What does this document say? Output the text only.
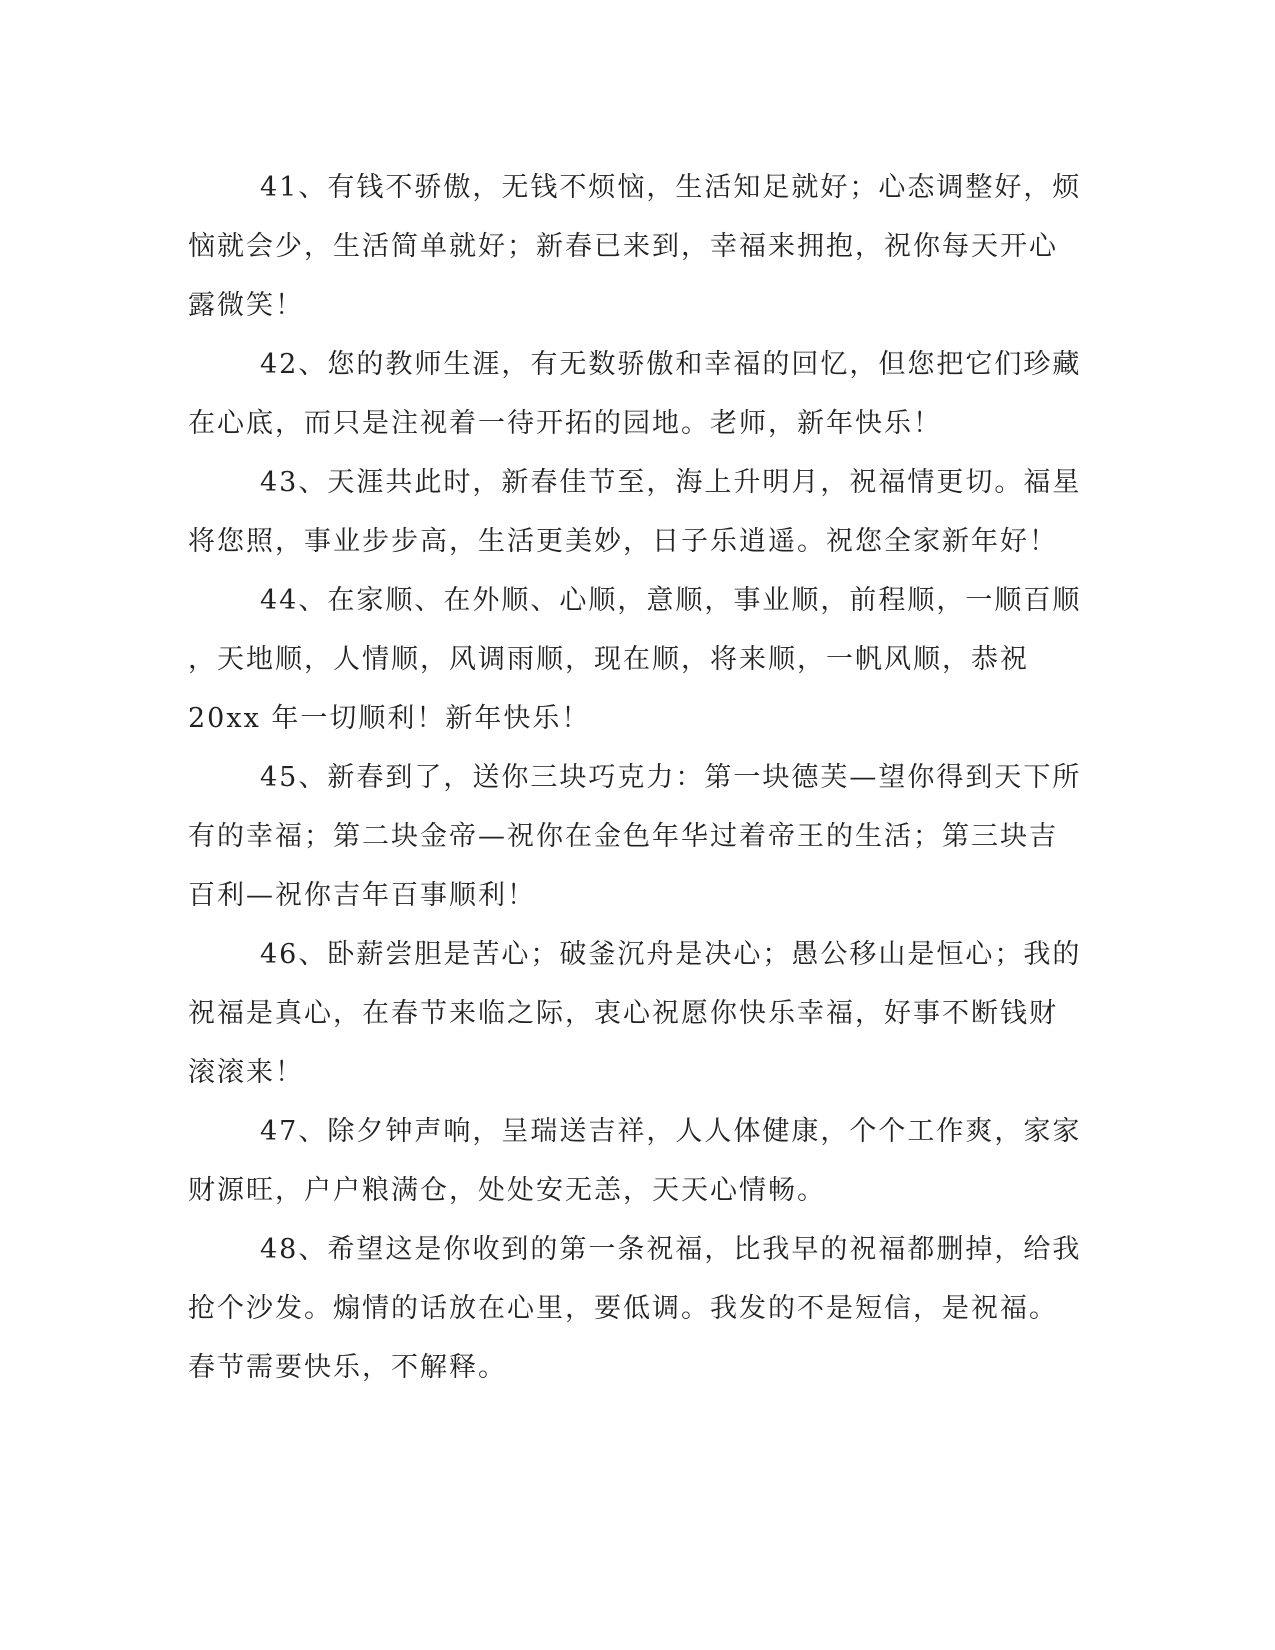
41、有钱不骄傲，无钱不烦恼，生活知足就好；心态调整好，烦
恼就会少，生活简单就好；新春已来到，幸福来拥抱，祝你每天开心
露微笑！
42、您的教师生涯，有无数骄傲和幸福的回忆，但您把它们珍藏
在心底，而只是注视着一待开拓的园地。老师，新年快乐！
43、天涯共此时，新春佳节至，海上升明月，祝福情更切。福星
将您照，事业步步高，生活更美妙，日子乐逍遥。祝您全家新年好！
44、在家顺、在外顺、心顺，意顺，事业顺，前程顺，一顺百顺
，天地顺，人情顺，风调雨顺，现在顺，将来顺，一帆风顺，恭祝
20xx 年一切顺利！新年快乐！
45、新春到了，送你三块巧克力：第一块德芙—望你得到天下所
有的幸福；第二块金帝—祝你在金色年华过着帝王的生活；第三块吉
百利—祝你吉年百事顺利！
46、卧薪尝胆是苦心；破釜沉舟是决心；愚公移山是恒心；我的
祝福是真心，在春节来临之际，衷心祝愿你快乐幸福，好事不断钱财
滚滚来！
47、除夕钟声响，呈瑞送吉祥，人人体健康，个个工作爽，家家
财源旺，户户粮满仓，处处安无恙，天天心情畅。
48、希望这是你收到的第一条祝福，比我早的祝福都删掉，给我
抢个沙发。煽情的话放在心里，要低调。我发的不是短信，是祝福。
春节需要快乐，不解释。
